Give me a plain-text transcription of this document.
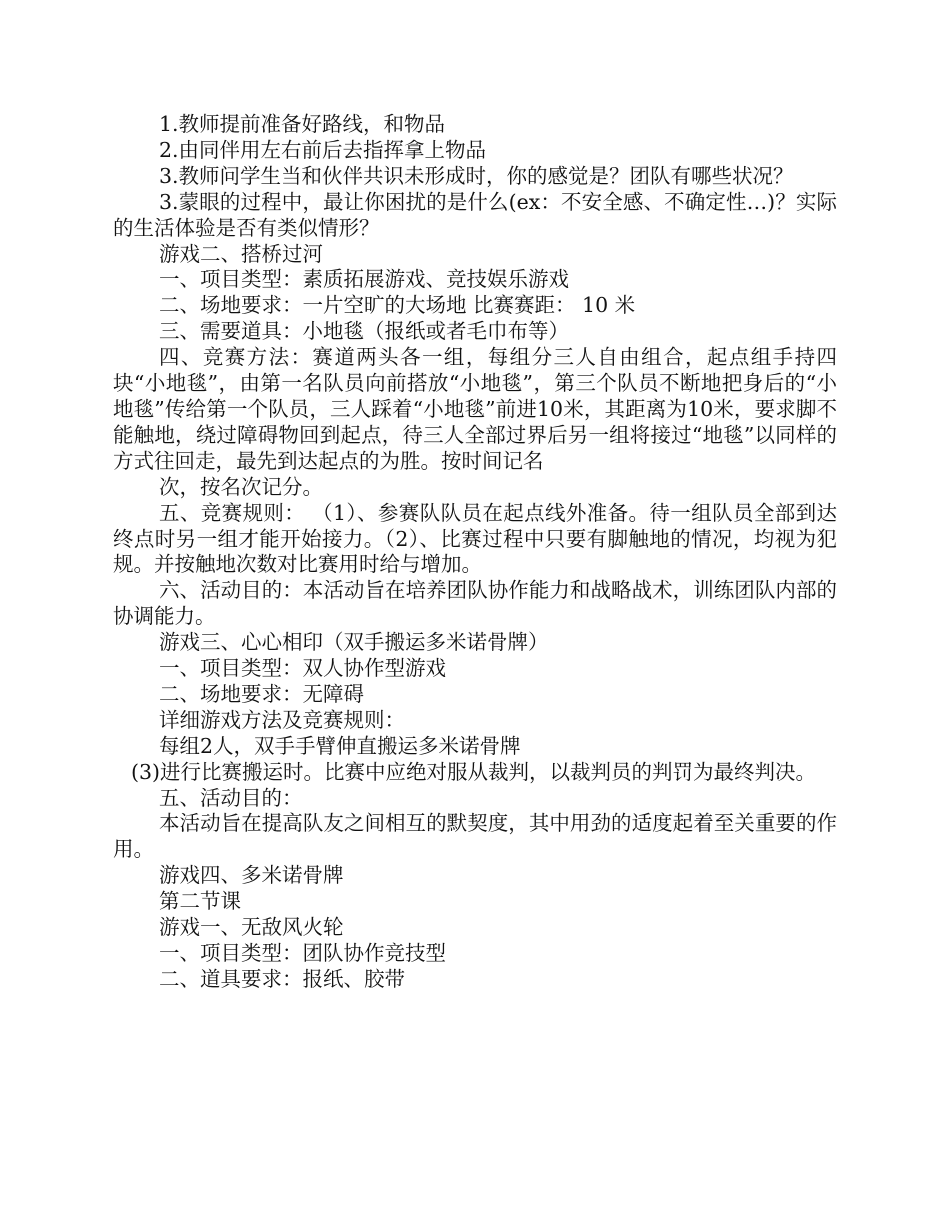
1.教师提前准备好路线，和物品

2.由同伴用左右前后去指挥拿上物品

3.教师问学生当和伙伴共识未形成时，你的感觉是？团队有哪些状况？

3.蒙眼的过程中，最让你困扰的是什么(ex：不安全感、不确定性…)？实际的生活体验是否有类似情形？

游戏二、搭桥过河

一、项目类型：素质拓展游戏、竞技娱乐游戏

二、场地要求：一片空旷的大场地 比赛赛距： 10 米

三、需要道具：小地毯（报纸或者毛巾布等）

四、竞赛方法：赛道两头各一组，每组分三人自由组合，起点组手持四块“小地毯”，由第一名队员向前搭放“小地毯”，第三个队员不断地把身后的“小地毯”传给第一个队员，三人踩着“小地毯”前进10米，其距离为10米，要求脚不能触地，绕过障碍物回到起点，待三人全部过界后另一组将接过“地毯”以同样的方式往回走，最先到达起点的为胜。按时间记名

次，按名次记分。

五、竞赛规则： （1）、参赛队队员在起点线外准备。待一组队员全部到达终点时另一组才能开始接力。（2）、比赛过程中只要有脚触地的情况，均视为犯规。并按触地次数对比赛用时给与增加。

六、活动目的：本活动旨在培养团队协作能力和战略战术，训练团队内部的协调能力。

游戏三、心心相印（双手搬运多米诺骨牌）

一、项目类型：双人协作型游戏

二、场地要求：无障碍

详细游戏方法及竞赛规则：

每组2人，双手手臂伸直搬运多米诺骨牌

(3)进行比赛搬运时。比赛中应绝对服从裁判，以裁判员的判罚为最终判决。

五、活动目的：

本活动旨在提高队友之间相互的默契度，其中用劲的适度起着至关重要的作用。

游戏四、多米诺骨牌

第二节课

游戏一、无敌风火轮

一、项目类型：团队协作竞技型

二、道具要求：报纸、胶带
